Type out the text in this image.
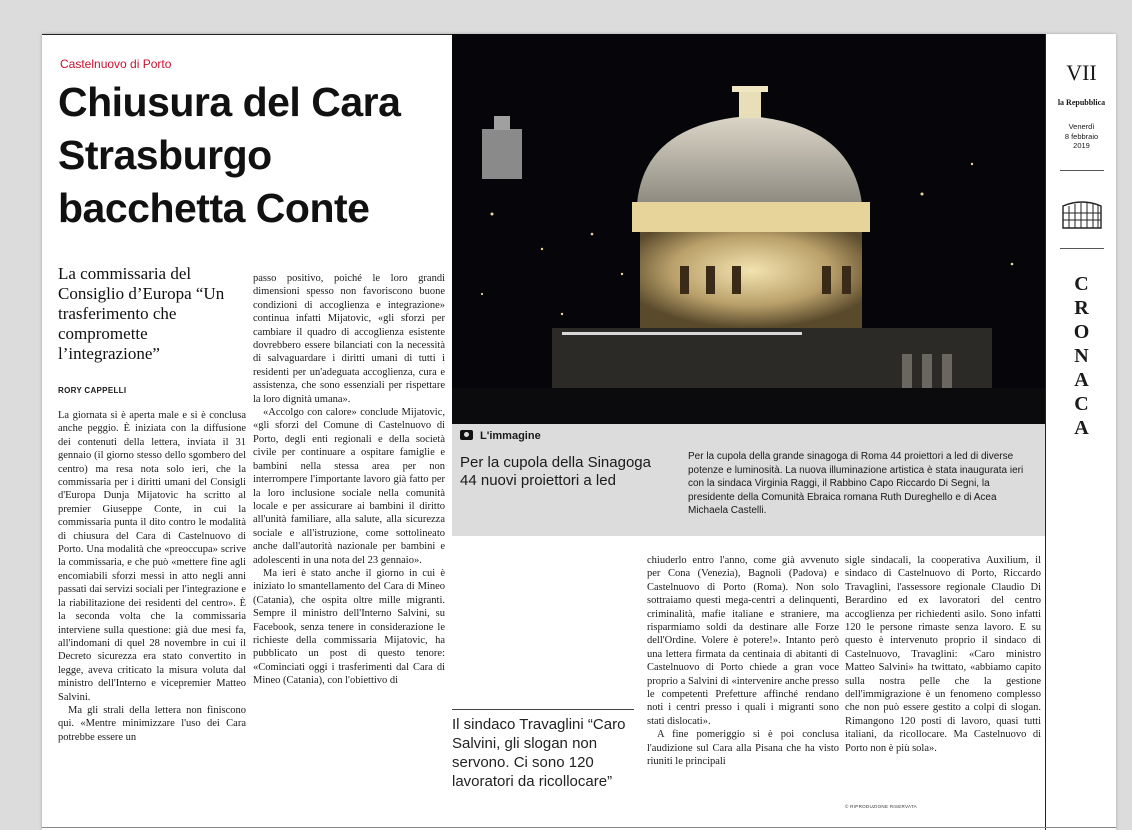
Castelnuovo di Porto
Chiusura del Cara Strasburgo bacchetta Conte
La commissaria del Consiglio d’Europa “Un trasferimento che compromette l’integrazione”
RORY CAPPELLI

La giornata si è aperta male e si è conclusa anche peggio. È iniziata con la diffusione dei contenuti della lettera, inviata il 31 gennaio (il giorno stesso dello sgombero del centro) ma resa nota solo ieri, che la commissaria per i diritti umani del Consigli d'Europa Dunja Mijatovic ha scritto al premier Giuseppe Conte, in cui la commissaria punta il dito contro le modalità di chiusura del Cara di Castelnuovo di Porto. Una modalità che «preoccupa» scrive la commissaria, e che può «mettere fine agli encomiabili sforzi messi in atto negli anni passati dai servizi sociali per l'integrazione e la riabilitazione dei residenti del centro». È la seconda volta che la commissaria interviene sulla questione: già due mesi fa, all'indomani di quel 28 novembre in cui il Decreto sicurezza era stato convertito in legge, aveva criticato la misura voluta dal ministro dell'Interno e vicepremier Matteo Salvini.

Ma gli strali della lettera non finiscono qui. «Mentre minimizzare l'uso dei Cara potrebbe essere un

passo positivo, poiché le loro grandi dimensioni spesso non favoriscono buone condizioni di accoglienza e integrazione» continua infatti Mijatovic, «gli sforzi per cambiare il quadro di accoglienza esistente dovrebbero essere bilanciati con la necessità di salvaguardare i diritti umani di tutti i residenti per un'adeguata accoglienza, cura e assistenza, che sono essenziali per rispettare la loro dignità umana».

«Accolgo con calore» conclude Mijatovic, «gli sforzi del Comune di Castelnuovo di Porto, degli enti regionali e della società civile per continuare a ospitare famiglie e bambini nella stessa area per non interrompere l'importante lavoro già fatto per la loro inclusione sociale nella comunità locale e per assicurare ai bambini il diritto all'unità familiare, alla salute, alla sicurezza sociale e all'istruzione, come sottolineato anche dall'autorità nazionale per bambini e adolescenti in una nota del 23 gennaio».

Ma ieri è stato anche il giorno in cui è iniziato lo smantellamento del Cara di Mineo (Catania), che ospita oltre mille migranti. Sempre il ministro dell'Interno Salvini, su Facebook, senza tenere in considerazione le richieste della commissaria Mijatovic, ha pubblicato un post di questo tenore: «Cominciati oggi i trasferimenti dal Cara di Mineo (Catania), con l'obiettivo di

L'immagine
Per la cupola della Sinagoga 44 nuovi proiettori a led

Per la cupola della grande sinagoga di Roma 44 proiettori a led di diverse potenze e luminosità. La nuova illuminazione artistica è stata inaugurata ieri con la sindaca Virginia Raggi, il Rabbino Capo Riccardo Di Segni, la presidente della Comunità Ebraica romana Ruth Dureghello e di Acea Michaela Castelli.

Il sindaco Travaglini “Caro Salvini, gli slogan non servono. Ci sono 120 lavoratori da ricollocare”

chiuderlo entro l'anno, come già avvenuto per Cona (Venezia), Bagnoli (Padova) e Castelnuovo di Porto (Roma). Non solo sottraiamo questi mega-centri a delinquenti, criminalità, mafie italiane e straniere, ma risparmiamo soldi da destinare alle Forze dell'Ordine. Volere è potere!». Intanto però una lettera firmata da centinaia di abitanti di Castelnuovo di Porto chiede a gran voce proprio a Salvini di «intervenire anche presso le competenti Prefetture affinché rendano noti i centri presso i quali i migranti sono stati dislocati».

A fine pomeriggio si è poi conclusa l'audizione sul Cara alla Pisana che ha visto riuniti le principali

sigle sindacali, la cooperativa Auxilium, il sindaco di Castelnuovo di Porto, Riccardo Travaglini, l'assessore regionale Claudio Di Berardino ed ex lavoratori del centro accoglienza per richiedenti asilo. Sono infatti 120 le persone rimaste senza lavoro. E su questo è intervenuto proprio il sindaco di Castelnuovo, Travaglini: «Caro ministro Matteo Salvini» ha twittato, «abbiamo capito sulla nostra pelle che la gestione dell'immigrazione è un fenomeno complesso che non può essere gestito a colpi di slogan. Rimangono 120 posti di lavoro, quasi tutti italiani, da ricollocare. Ma Castelnuovo di Porto non è più sola».

© RIPRODUZIONE RISERVATA
VII
la Repubblica
Venerdì
8 febbraio
2019
C
R
O
N
A
C
A
